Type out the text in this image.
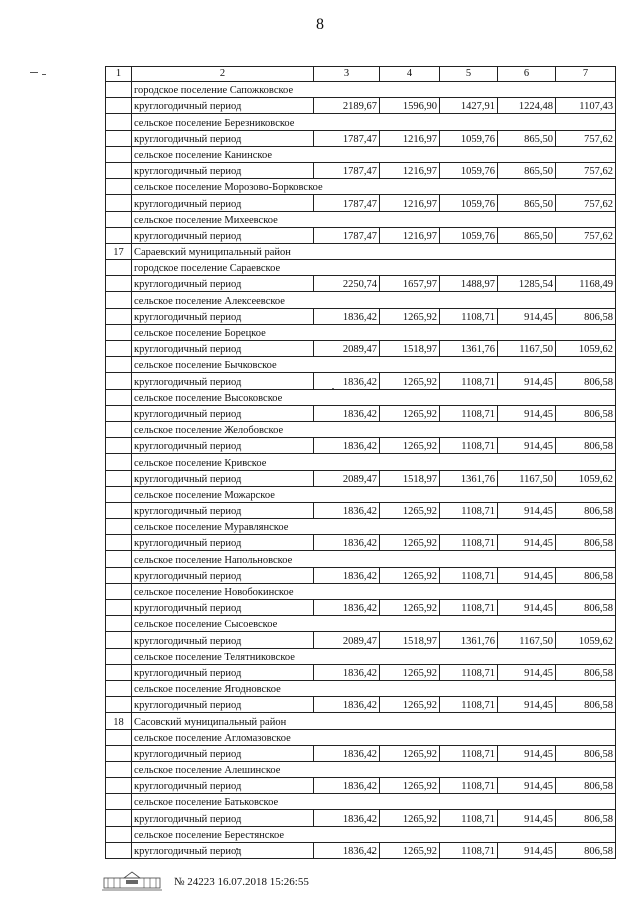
8
1	2	3	4	5	6	7
	городское поселение Сапожковское					
	круглогодичный период	2189,67	1596,90	1427,91	1224,48	1107,43
	сельское поселение Березниковское					
	круглогодичный период	1787,47	1216,97	1059,76	865,50	757,62
	сельское поселение Канинское					
	круглогодичный период	1787,47	1216,97	1059,76	865,50	757,62
	сельское поселение Морозово-Борковское					
	круглогодичный период	1787,47	1216,97	1059,76	865,50	757,62
	сельское поселение Михеевское					
	круглогодичный период	1787,47	1216,97	1059,76	865,50	757,62
17	Сараевский муниципальный район					
	городское поселение Сараевское					
	круглогодичный период	2250,74	1657,97	1488,97	1285,54	1168,49
	сельское поселение Алексеевское					
	круглогодичный период	1836,42	1265,92	1108,71	914,45	806,58
	сельское поселение Борецкое					
	круглогодичный период	2089,47	1518,97	1361,76	1167,50	1059,62
	сельское поселение Бычковское					
	круглогодичный период	1836,42	1265,92	1108,71	914,45	806,58
	сельское поселение Высоковское					
	круглогодичный период	1836,42	1265,92	1108,71	914,45	806,58
	сельское поселение Желобовское					
	круглогодичный период	1836,42	1265,92	1108,71	914,45	806,58
	сельское поселение Кривское					
	круглогодичный период	2089,47	1518,97	1361,76	1167,50	1059,62
	сельское поселение Можарское					
	круглогодичный период	1836,42	1265,92	1108,71	914,45	806,58
	сельское поселение Муравлянское					
	круглогодичный период	1836,42	1265,92	1108,71	914,45	806,58
	сельское поселение Напольновское					
	круглогодичный период	1836,42	1265,92	1108,71	914,45	806,58
	сельское поселение Новобокинское					
	круглогодичный период	1836,42	1265,92	1108,71	914,45	806,58
	сельское поселение Сысоевское					
	круглогодичный период	2089,47	1518,97	1361,76	1167,50	1059,62
	сельское поселение Телятниковское					
	круглогодичный период	1836,42	1265,92	1108,71	914,45	806,58
	сельское поселение Ягодновское					
	круглогодичный период	1836,42	1265,92	1108,71	914,45	806,58
18	Сасовский муниципальный район					
	сельское поселение Агломазовское					
	круглогодичный период	1836,42	1265,92	1108,71	914,45	806,58
	сельское поселение Алешинское					
	круглогодичный период	1836,42	1265,92	1108,71	914,45	806,58
	сельское поселение Батьковское					
	круглогодичный период	1836,42	1265,92	1108,71	914,45	806,58
	сельское поселение Берестянское					
	круглогодичный период	1836,42	1265,92	1108,71	914,45	806,58
№ 24223 16.07.2018 15:26:55
